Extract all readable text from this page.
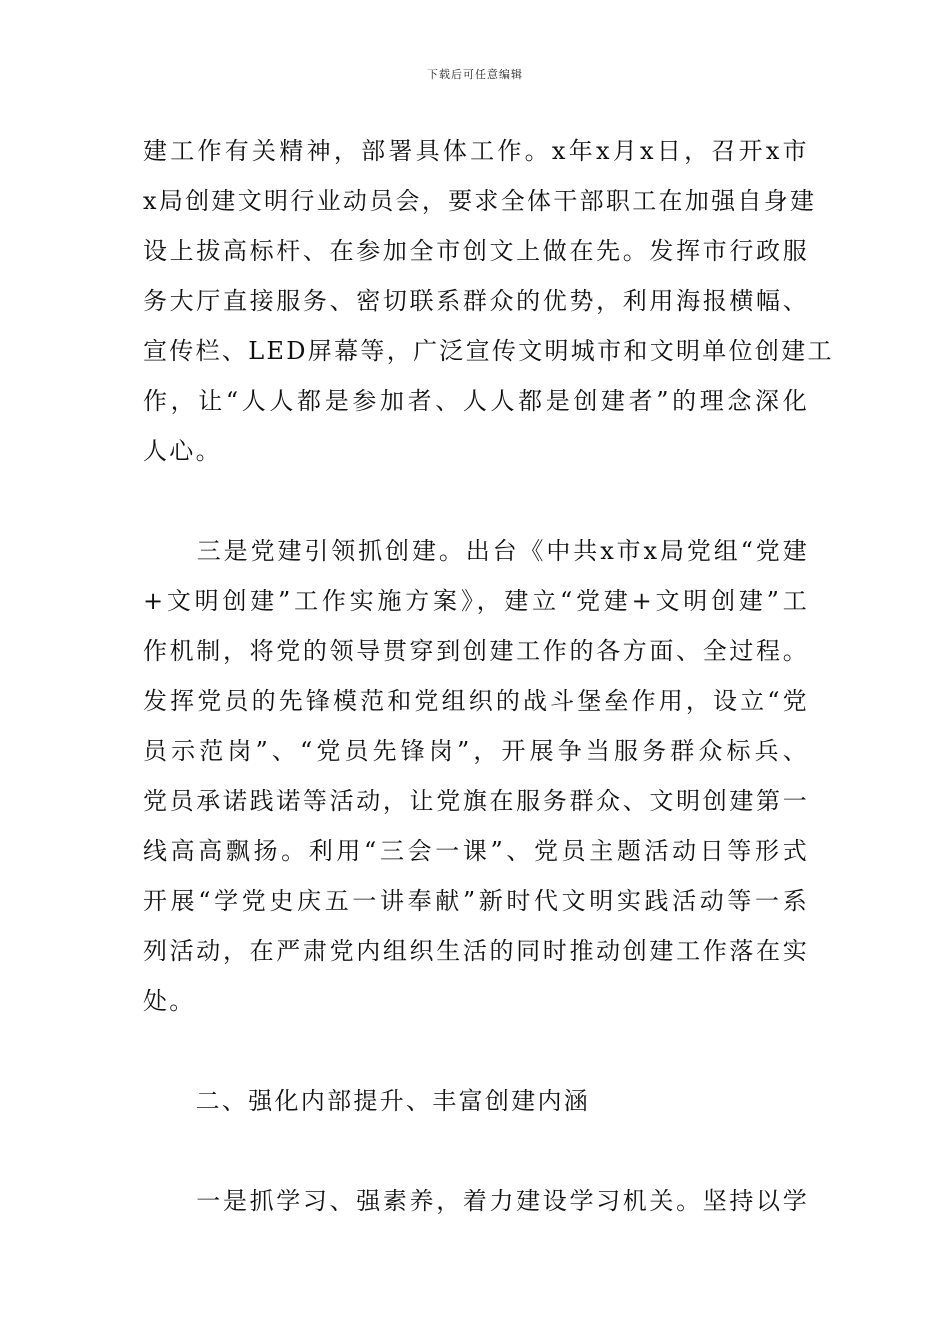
下载后可任意编辑
建工作有关精神，部署具体工作。x年x月x日，召开x市
x局创建文明行业动员会，要求全体干部职工在加强自身建
设上拔高标杆、在参加全市创文上做在先。发挥市行政服
务大厅直接服务、密切联系群众的优势，利用海报横幅、
宣传栏、LED屏幕等，广泛宣传文明城市和文明单位创建工
作，让“人人都是参加者、人人都是创建者”的理念深化
人心。
　　三是党建引领抓创建。出台《中共x市x局党组“党建
+文明创建”工作实施方案》，建立“党建+文明创建”工
作机制，将党的领导贯穿到创建工作的各方面、全过程。
发挥党员的先锋模范和党组织的战斗堡垒作用，设立“党
员示范岗”、“党员先锋岗”，开展争当服务群众标兵、
党员承诺践诺等活动，让党旗在服务群众、文明创建第一
线高高飘扬。利用“三会一课”、党员主题活动日等形式
开展“学党史庆五一讲奉献”新时代文明实践活动等一系
列活动，在严肃党内组织生活的同时推动创建工作落在实
处。
　　二、强化内部提升、丰富创建内涵
　　一是抓学习、强素养，着力建设学习机关。坚持以学
